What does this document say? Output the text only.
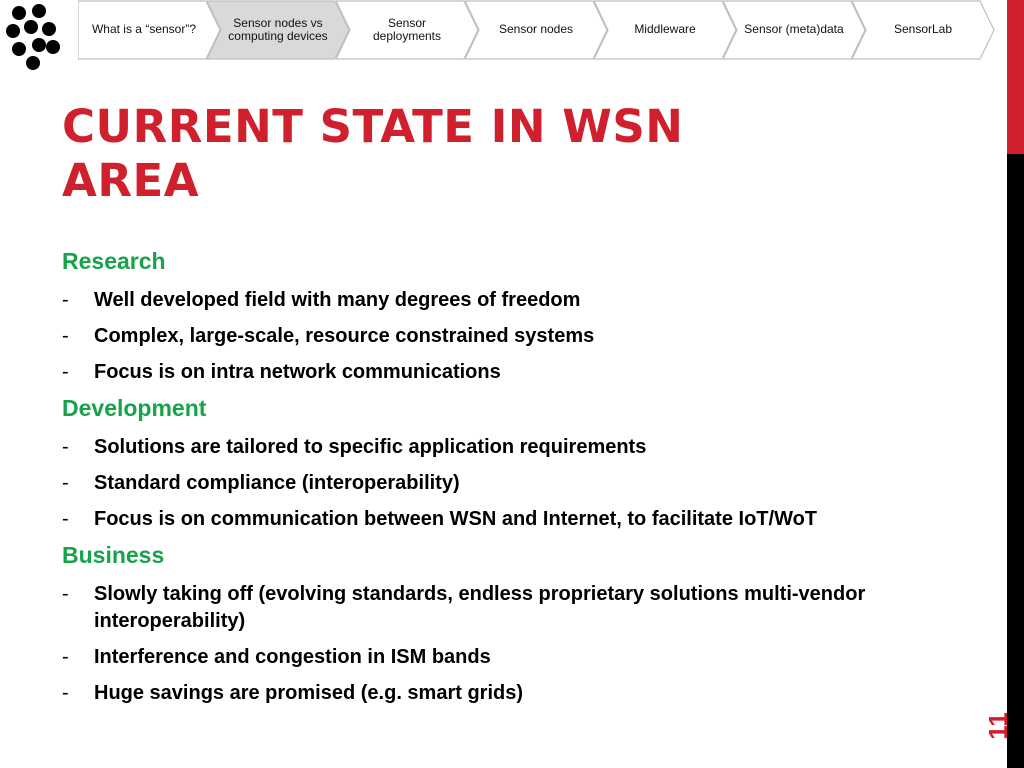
What is a “sensor”?	Sensor nodes vs computing devices
Sensor deployments	Sensor nodes	Middleware	Sensor (meta)data	SensorLab
CURRENT STATE IN WSN AREA
Research
- Well developed field with many degrees of freedom
- Complex, large-scale, resource constrained systems
- Focus is on intra network communications
Development
- Solutions are tailored to specific application requirements
- Standard compliance (interoperability)
- Focus is on communication between WSN and Internet, to facilitate IoT/WoT
Business
- Slowly taking off (evolving standards, endless proprietary solutions multi-vendor interoperability)
- Interference and congestion in ISM bands
- Huge savings are promised (e.g. smart grids)
11
